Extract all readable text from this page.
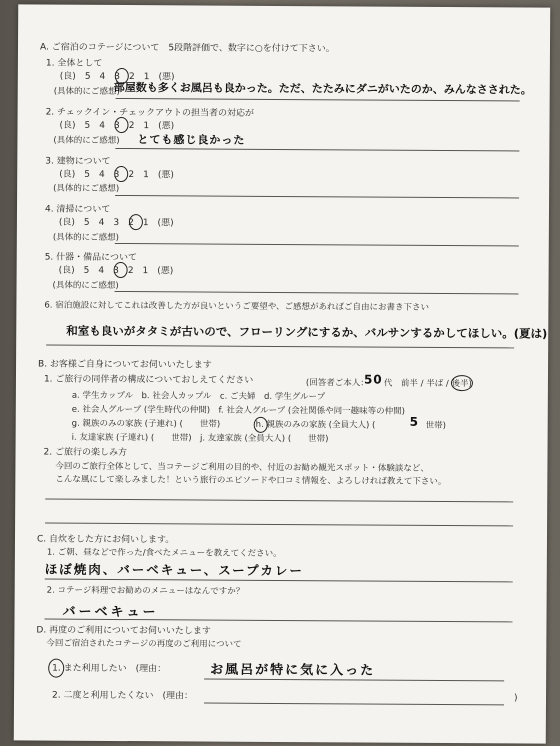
A. ご宿泊のコテージについて　5段階評価で、数字に○を付けて下さい。
1. 全体として
(良)　5　4　3　2　1　(悪)
(具体的にご感想)
部屋数も多くお風呂も良かった。ただ、たたみにダニがいたのか、みんなさされた。
2. チェックイン・チェックアウトの担当者の対応が
(良)　5　4　3　2　1　(悪)
(具体的にご感想) とても感じ良かった
3. 建物について
(良)　5　4　3　2　1　(悪)
(具体的にご感想)
4. 清掃について
(良)　5　4　3　2　1　(悪)
(具体的にご感想)
5. 什器・備品について
(良)　5　4　3　2　1　(悪)
(具体的にご感想)
6. 宿泊施設に対してこれは改善した方が良いというご要望や、ご感想があればご自由にお書き下さい
和室も良いがタタミが古いので、フローリングにするか、バルサンするかしてほしい。(夏は)
B. お客様ご自身についてお伺いいたします
1. ご旅行の同伴者の構成についておしえてください	(回答者ご本人：
50 代　前半 / 半ば / 後半)
a. 学生カップル　b. 社会人カップル　c. ご夫婦　d. 学生グループ
e. 社会人グループ (学生時代の仲間)　f. 社会人グループ (会社関係や同一趣味等の仲間)
g. 親族のみの家族 (子連れ) (　　世帯)	h. 親族のみの家族 (全員大人) (	5 世帯)
i. 友達家族 (子連れ) (　　世帯)　j. 友達家族 (全員大人) (　　世帯)
2. ご旅行の楽しみ方
今回のご旅行全体として、当コテージご利用の目的や、付近のお勧め観光スポット・体験談など、
こんな風にして楽しみました！という旅行のエピソードや口コミ情報を、よろしければ教えて下さい。
C. 自炊をした方にお伺いします。
1. ご朝、昼などで作った/食べたメニューを教えてください。
ほぼ焼肉、バーベキュー、スープカレー
2. コテージ料理でお勧めのメニューはなんですか？
バーベキュー
D. 再度のご利用についてお伺いいたします
今回ご宿泊されたコテージの再度のご利用について
1. また利用したい　(理由：	お風呂が特に気に入った
2. 二度と利用したくない　(理由：	)
